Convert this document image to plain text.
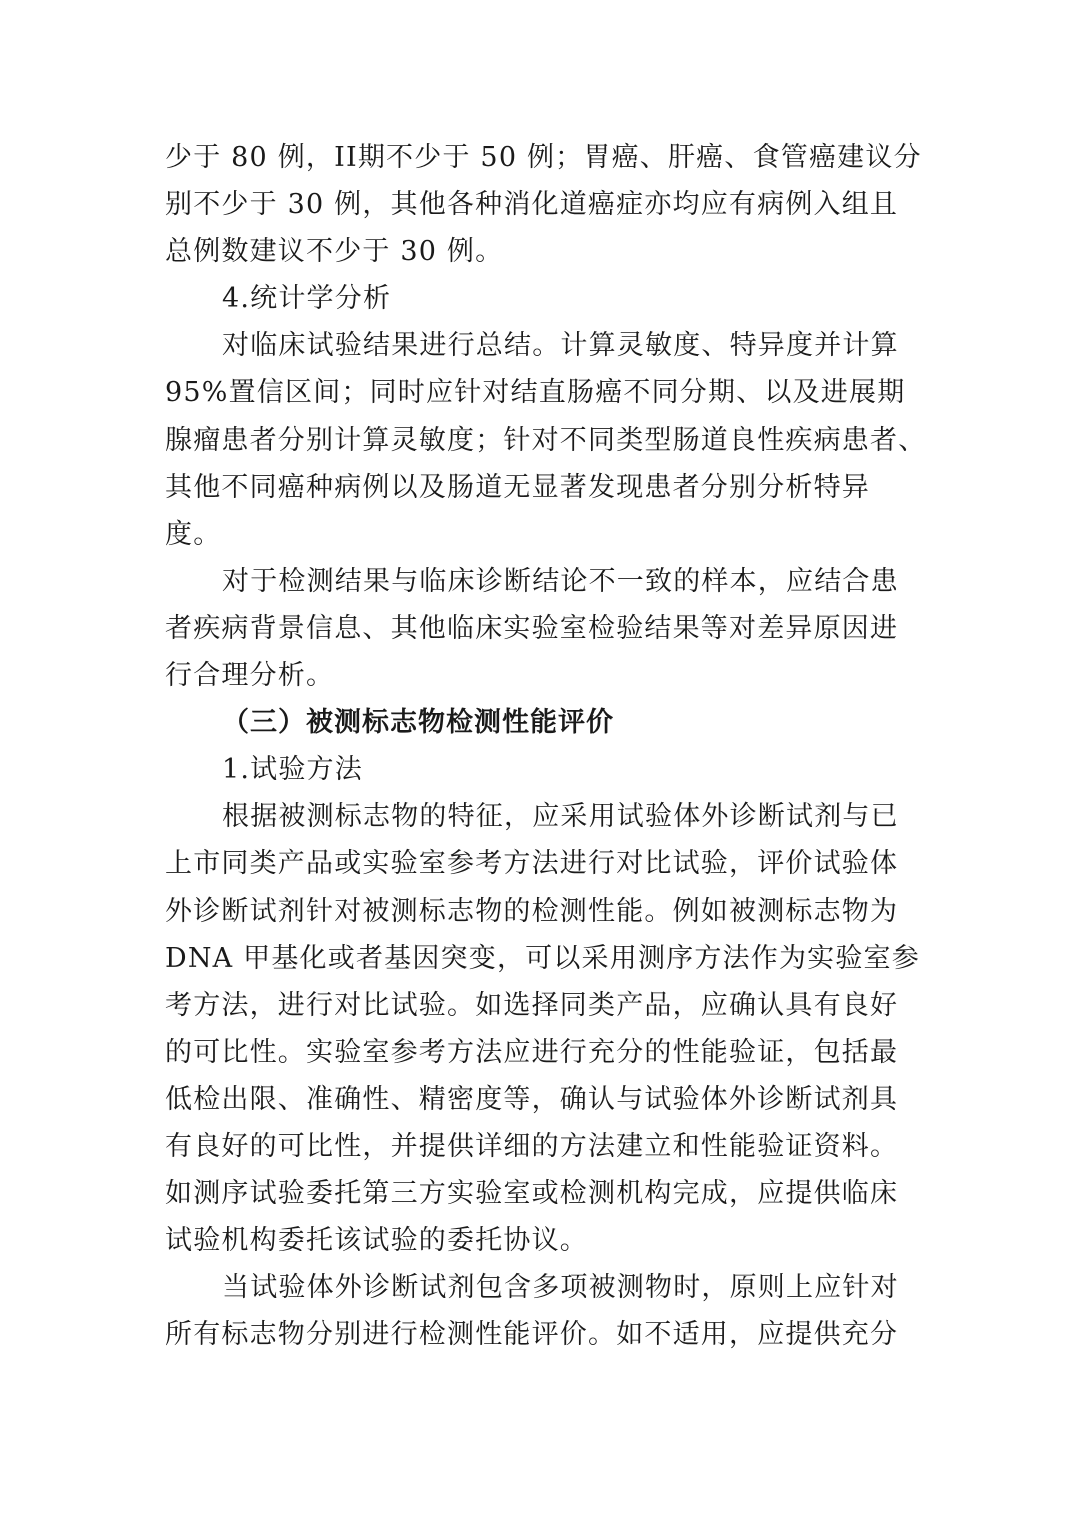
少于 80 例，II期不少于 50 例；胃癌、肝癌、食管癌建议分
别不少于 30 例，其他各种消化道癌症亦均应有病例入组且
总例数建议不少于 30 例。
4.统计学分析
对临床试验结果进行总结。计算灵敏度、特异度并计算
95%置信区间；同时应针对结直肠癌不同分期、以及进展期
腺瘤患者分别计算灵敏度；针对不同类型肠道良性疾病患者、
其他不同癌种病例以及肠道无显著发现患者分别分析特异
度。
对于检测结果与临床诊断结论不一致的样本，应结合患
者疾病背景信息、其他临床实验室检验结果等对差异原因进
行合理分析。
（三）被测标志物检测性能评价
1.试验方法
根据被测标志物的特征，应采用试验体外诊断试剂与已
上市同类产品或实验室参考方法进行对比试验，评价试验体
外诊断试剂针对被测标志物的检测性能。例如被测标志物为
DNA 甲基化或者基因突变，可以采用测序方法作为实验室参
考方法，进行对比试验。如选择同类产品，应确认具有良好
的可比性。实验室参考方法应进行充分的性能验证，包括最
低检出限、准确性、精密度等，确认与试验体外诊断试剂具
有良好的可比性，并提供详细的方法建立和性能验证资料。
如测序试验委托第三方实验室或检测机构完成，应提供临床
试验机构委托该试验的委托协议。
当试验体外诊断试剂包含多项被测物时，原则上应针对
所有标志物分别进行检测性能评价。如不适用，应提供充分
